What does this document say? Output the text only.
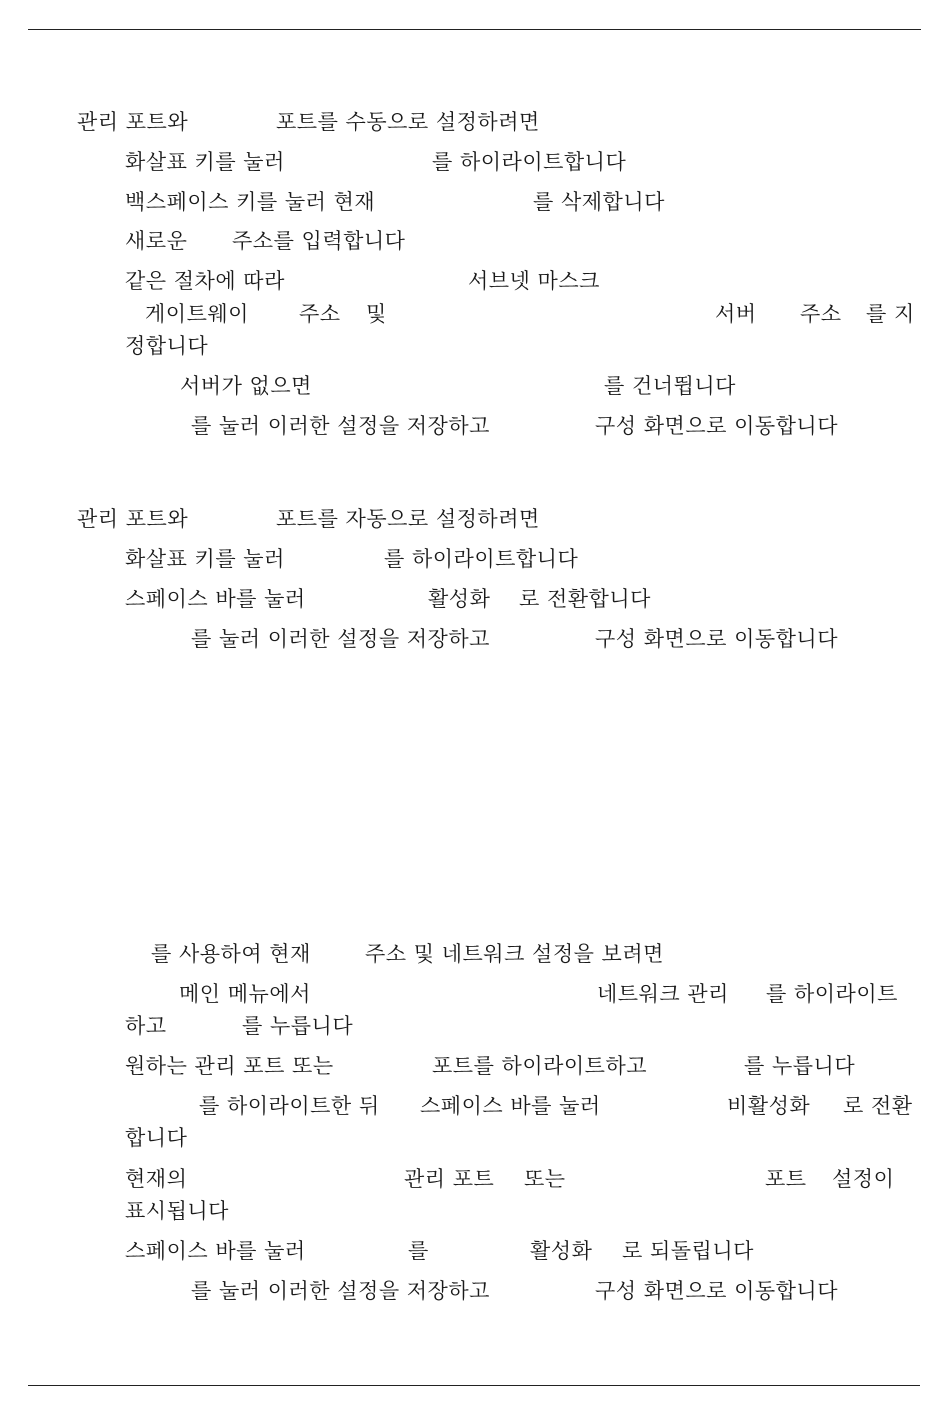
관리 포트와	포트를 수동으로 설정하려면
화살표 키를 눌러	를 하이라이트합니다
백스페이스 키를 눌러 현재	를 삭제합니다
새로운 주소를 입력합니다
같은 절차에 따라	서브넷 마스크
게이트웨이 주소 및	서버 주소 를 지
정합니다
서버가 없으면	를 건너뜁니다
를 눌러 이러한 설정을 저장하고	구성 화면으로 이동합니다
관리 포트와	포트를 자동으로 설정하려면
화살표 키를 눌러	를 하이라이트합니다
스페이스 바를 눌러	활성화 로 전환합니다
를 눌러 이러한 설정을 저장하고	구성 화면으로 이동합니다
를 사용하여 현재	주소 및 네트워크 설정을 보려면
메인 메뉴에서	네트워크 관리 를 하이라이트
하고	를 누릅니다
원하는 관리 포트 또는	포트를 하이라이트하고	를 누릅니다
를 하이라이트한 뒤 스페이스 바를 눌러	비활성화 로 전환
합니다
현재의	관리 포트 또는	포트 설정이
표시됩니다
스페이스 바를 눌러	를	활성화 로 되돌립니다
를 눌러 이러한 설정을 저장하고	구성 화면으로 이동합니다
